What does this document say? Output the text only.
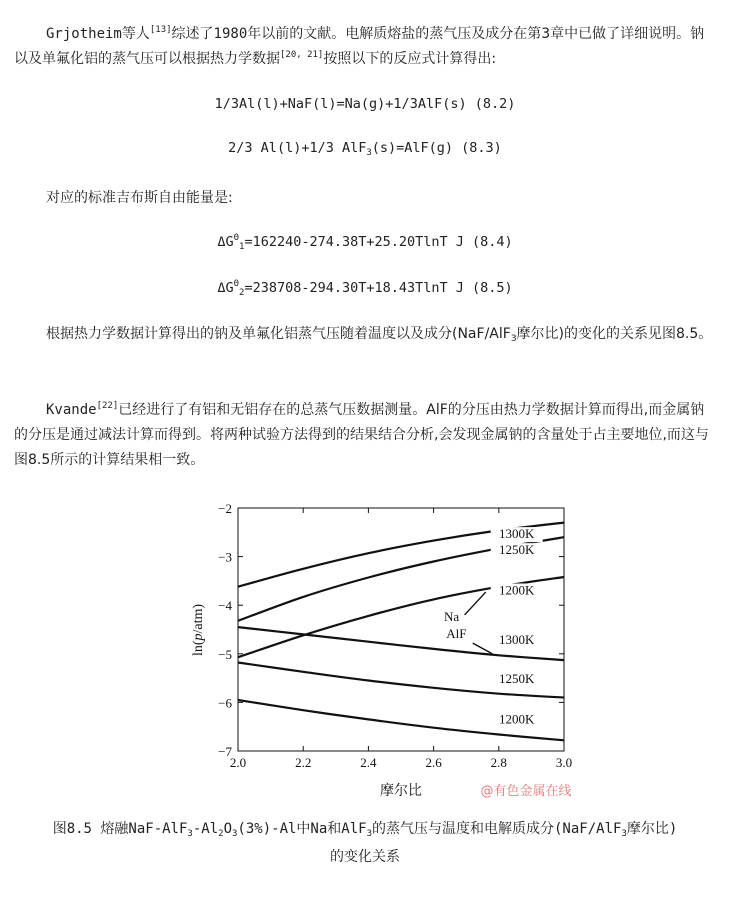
Grjotheim等人[13]综述了1980年以前的文献。电解质熔盐的蒸气压及成分在第3章中已做了详细说明。钠以及单氟化铝的蒸气压可以根据热力学数据[20, 21]按照以下的反应式计算得出:
1/3Al(l)+NaF(l)=Na(g)+1/3AlF(s) (8.2)
2/3 Al(l)+1/3 AlF$_3$(s)=AlF(g) (8.3)
对应的标准吉布斯自由能量是:
$\Delta G^\Theta_1=162240-274.38T+25.20TlnT$ J (8.4)
$\Delta G^\Theta_2=238708-294.30T+18.43TlnT$ J (8.5)
根据热力学数据计算得出的钠及单氟化铝蒸气压随着温度以及成分(NaF/AlF$_3$摩尔比)的变化的关系见图8.5。
Kvande[22]已经进行了有铝和无铝存在的总蒸气压数据测量。AlF的分压由热力学数据计算而得出,而金属钠的分压是通过减法计算而得到。将两种试验方法得到的结果结合分析,会发现金属钠的含量处于占主要地位,而这与图8.5所示的计算结果相一致。
2.0	2.2	2.4	2.6	2.8	3.0
−2
−3
−4
−5
−6
−7
1300K
1250K
1200K
1300K
1250K
1200K
Na
AlF
ln(p/atm)
摩尔比	@有色金属在线
图8.5 熔融NaF-$AlF_3-Al_2O_3(3\%)-Al$中Na和AlF$_3$的蒸气压与温度和电解质成分(NaF/AlF$_3$摩尔比)
的变化关系
